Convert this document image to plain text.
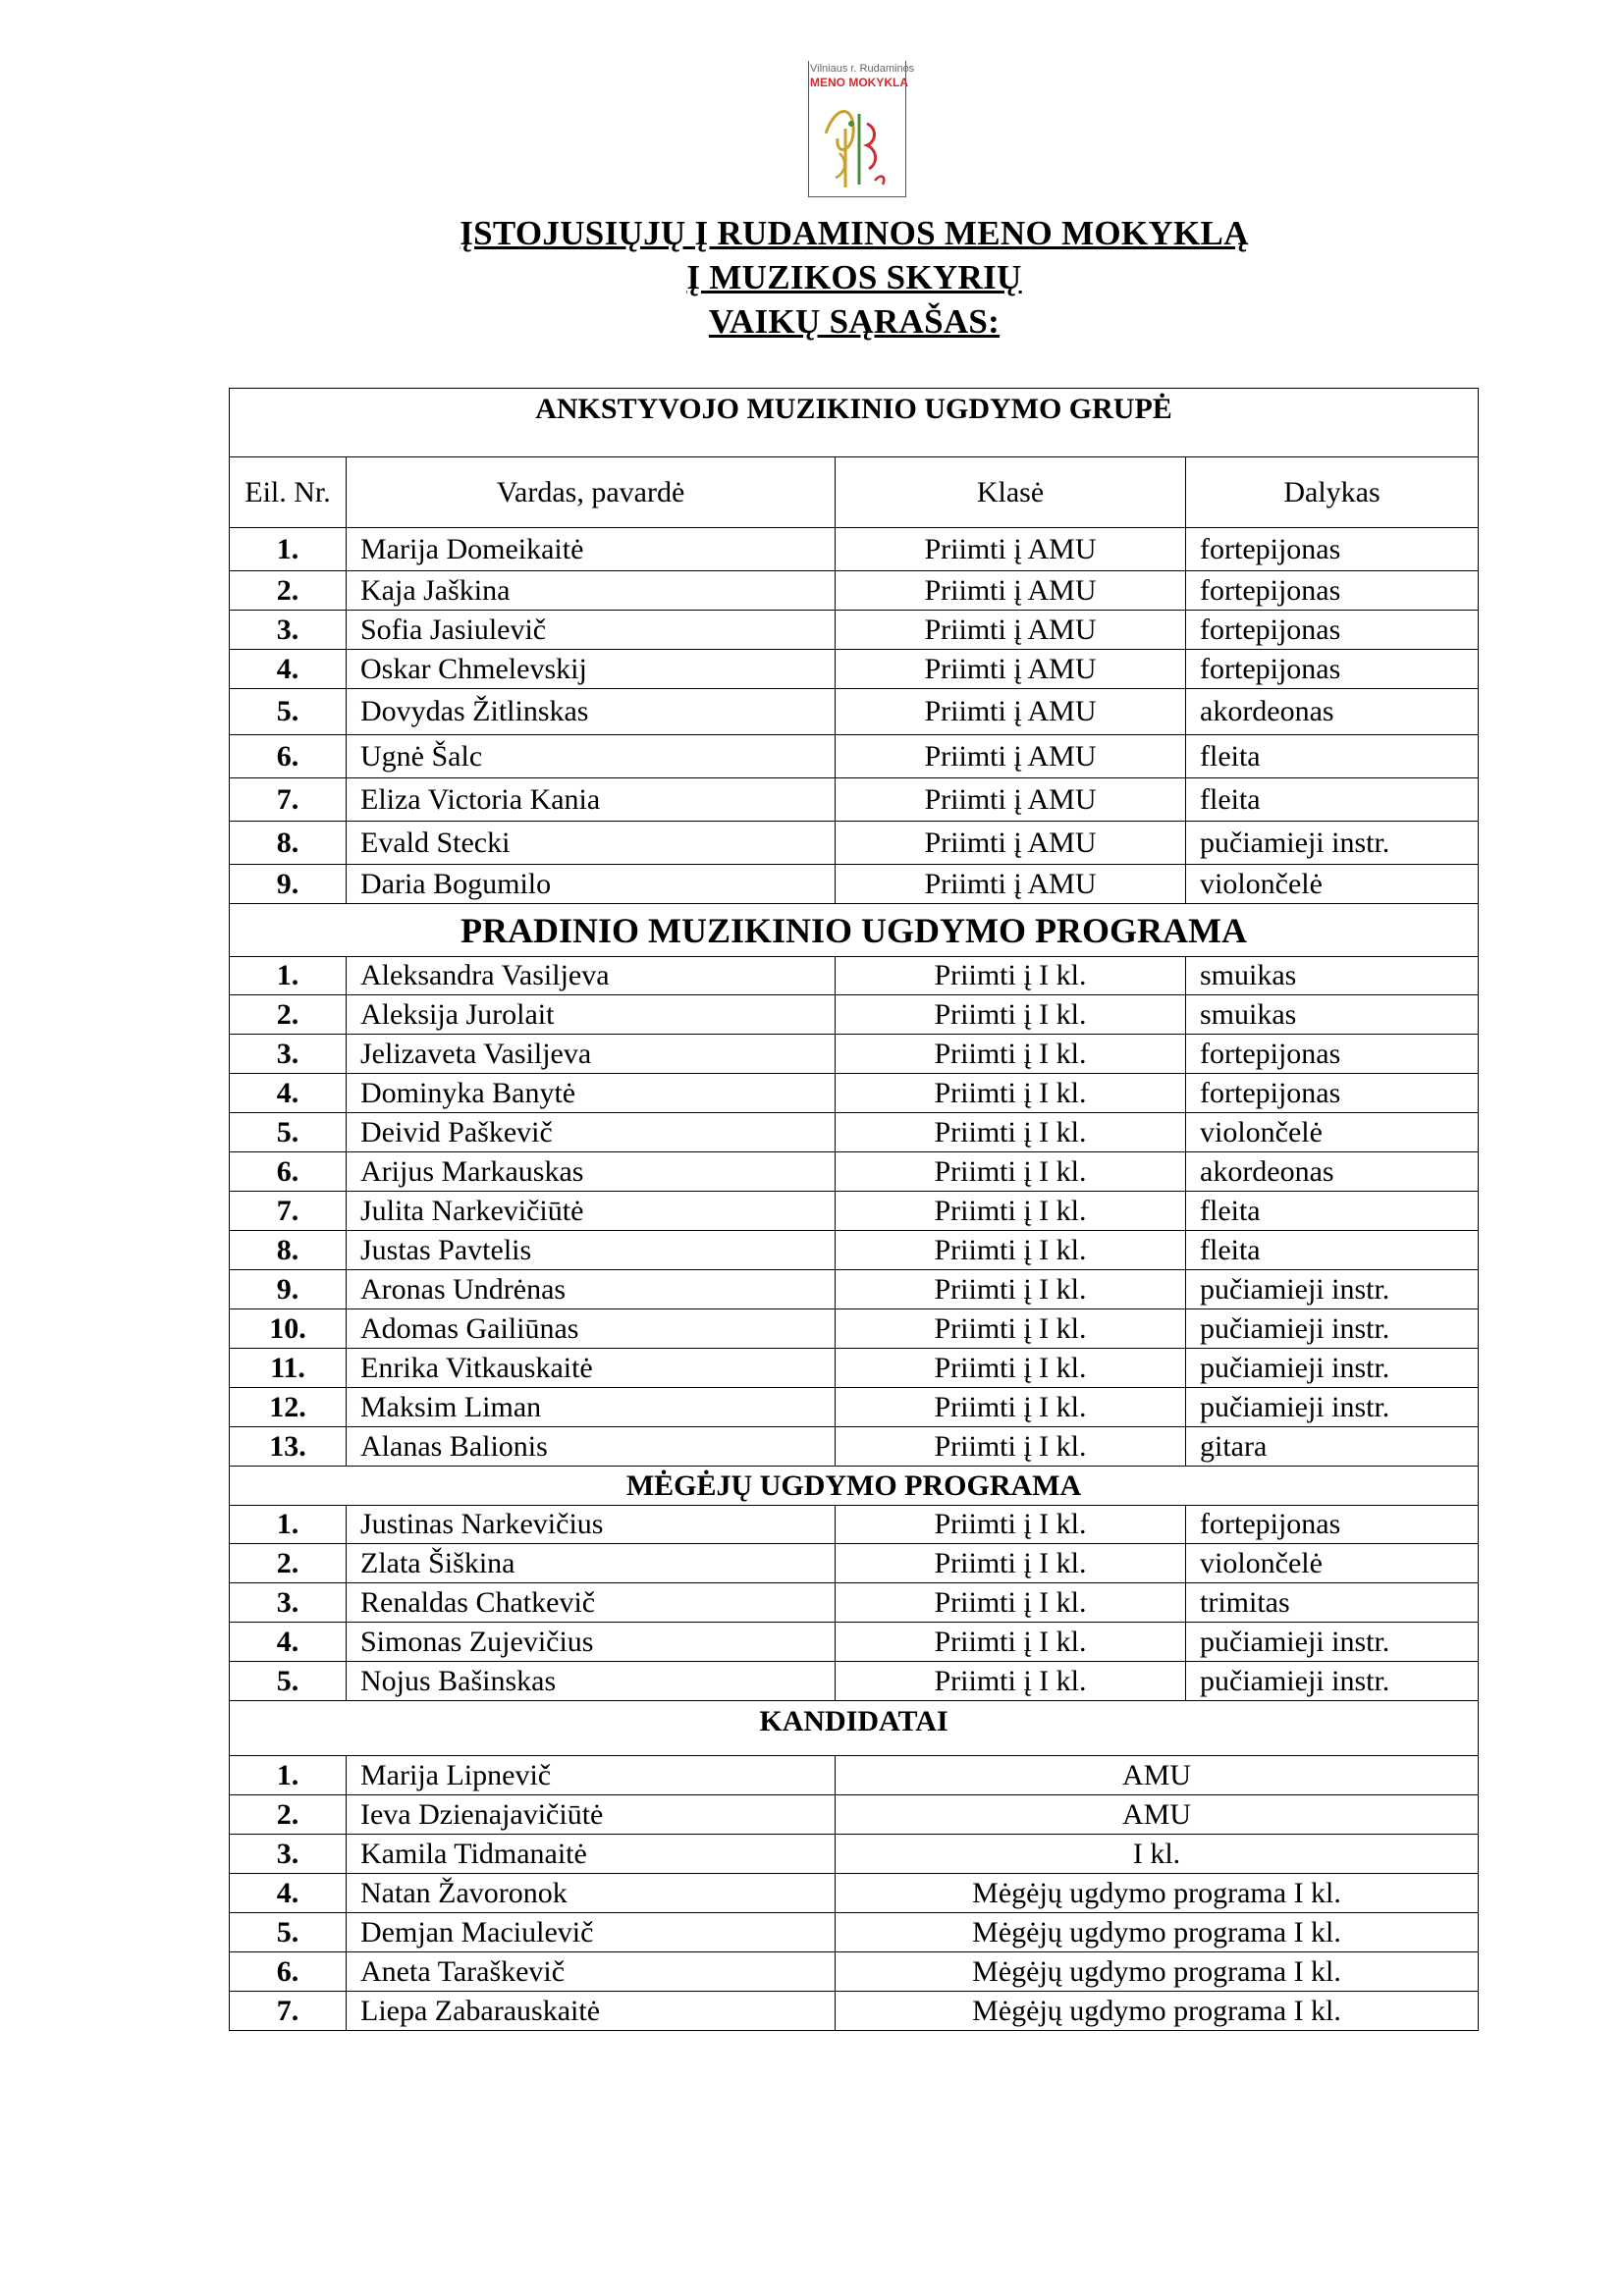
Vilniaus r. Rudaminos
MENO MOKYKLA
ĮSTOJUSIŲJŲ Į RUDAMINOS MENO MOKYKLĄ
Į MUZIKOS SKYRIŲ
VAIKŲ SĄRAŠAS:
ANKSTYVOJO MUZIKINIO UGDYMO GRUPĖ			
Eil. Nr.	Vardas, pavardė	Klasė	Dalykas
1.	Marija Domeikaitė	Priimti į AMU	fortepijonas
2.	Kaja Jaškina	Priimti į AMU	fortepijonas
3.	Sofia Jasiulevič	Priimti į AMU	fortepijonas
4.	Oskar Chmelevskij	Priimti į AMU	fortepijonas
5.	Dovydas Žitlinskas	Priimti į AMU	akordeonas
6.	Ugnė Šalc	Priimti į AMU	fleita
7.	Eliza Victoria Kania	Priimti į AMU	fleita
8.	Evald Stecki	Priimti į AMU	pučiamieji instr.
9.	Daria Bogumilo	Priimti į AMU	violončelė
PRADINIO MUZIKINIO UGDYMO PROGRAMA			
1.	Aleksandra Vasiljeva	Priimti į I kl.	smuikas
2.	Aleksija Jurolait	Priimti į I kl.	smuikas
3.	Jelizaveta Vasiljeva	Priimti į I kl.	fortepijonas
4.	Dominyka Banytė	Priimti į I kl.	fortepijonas
5.	Deivid Paškevič	Priimti į I kl.	violončelė
6.	Arijus Markauskas	Priimti į I kl.	akordeonas
7.	Julita Narkevičiūtė	Priimti į I kl.	fleita
8.	Justas Pavtelis	Priimti į I kl.	fleita
9.	Aronas Undrėnas	Priimti į I kl.	pučiamieji instr.
10.	Adomas Gailiūnas	Priimti į I kl.	pučiamieji instr.
11.	Enrika Vitkauskaitė	Priimti į I kl.	pučiamieji instr.
12.	Maksim Liman	Priimti į I kl.	pučiamieji instr.
13.	Alanas Balionis	Priimti į I kl.	gitara
MĖGĖJŲ UGDYMO PROGRAMA			
1.	Justinas Narkevičius	Priimti į I kl.	fortepijonas
2.	Zlata Šiškina	Priimti į I kl.	violončelė
3.	Renaldas Chatkevič	Priimti į I kl.	trimitas
4.	Simonas Zujevičius	Priimti į I kl.	pučiamieji instr.
5.	Nojus Bašinskas	Priimti į I kl.	pučiamieji instr.
KANDIDATAI			
1.	Marija Lipnevič	AMU	
2.	Ieva Dzienajavičiūtė	AMU	
3.	Kamila Tidmanaitė	I kl.	
4.	Natan Žavoronok	Mėgėjų ugdymo programa I kl.	
5.	Demjan Maciulevič	Mėgėjų ugdymo programa I kl.	
6.	Aneta Taraškevič	Mėgėjų ugdymo programa I kl.	
7.	Liepa Zabarauskaitė	Mėgėjų ugdymo programa I kl.	
